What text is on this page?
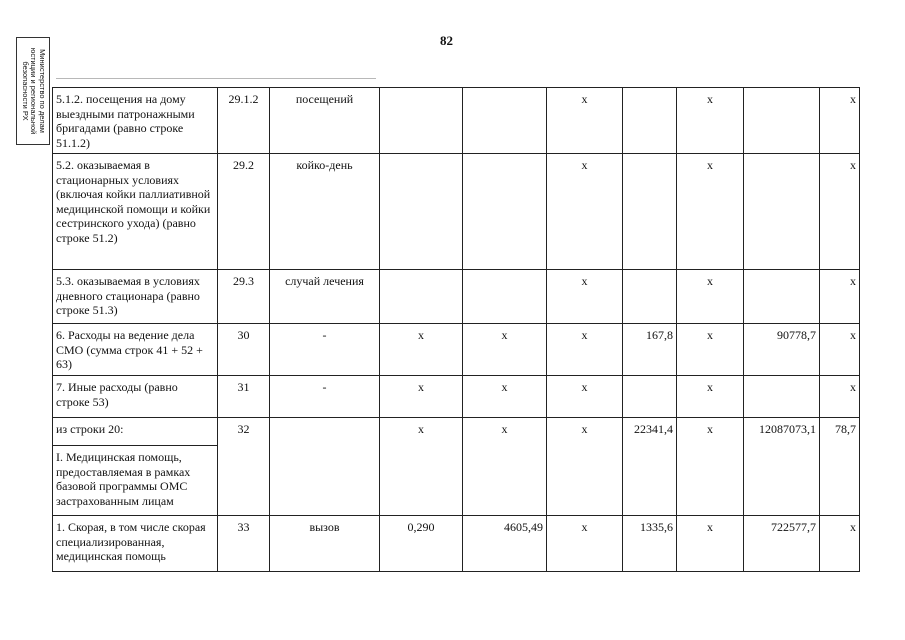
82
Министерство по делам юстиции и региональной безопасности РХ	5.1.2. посещения на дому выездными патронажными бригадами (равно строке 51.1.2)	29.1.2	посещений			x		x		x
5.2. оказываемая в стационарных условиях (включая койки паллиативной медицинской помощи и койки сестринского ухода) (равно строке 51.2)	29.2	койко-день			x		x		x
5.3. оказываемая в условиях дневного стационара (равно строке 51.3)	29.3	случай лечения			x		x		x
6. Расходы на ведение дела СМО (сумма строк 41 + 52 + 63)	30	-	x	x	x	167,8	x	90778,7	x
7. Иные расходы (равно строке 53)	31	-	x	x	x		x		x
из строки 20:	32		x	x	x	22341,4	x	12087073,1	78,7
I. Медицинская помощь, предоставляемая в рамках базовой программы ОМС застрахованным лицам									
1. Скорая, в том числе скорая специализированная, медицинская помощь	33	вызов	0,290	4605,49	x	1335,6	x	722577,7	x
